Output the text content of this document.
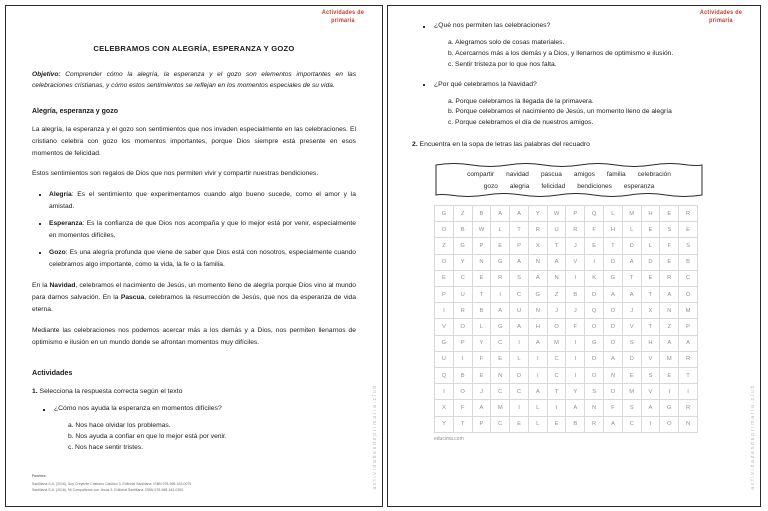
Actividades de
primaria
CELEBRAMOS CON ALEGRÍA, ESPERANZA Y GOZO

Objetivo: Comprender cómo la alegría, la esperanza y el gozo son elementos importantes en las celebraciones cristianas, y cómo estos sentimientos se reflejan en los momentos especiales de su vida.

Alegría, esperanza y gozo

La alegría, la esperanza y el gozo son sentimientos que nos invaden especialmente en las celebraciones. El cristiano celebra con gozo los momentos importantes, porque Dios siempre está presente en esos momentos de felicidad.

Estos sentimientos son regalos de Dios que nos permiten vivir y compartir nuestras bendiciones.

Alegría: Es el sentimiento que experimentamos cuando algo bueno sucede, como el amor y la amistad.
Esperanza: Es la confianza de que Dios nos acompaña y que lo mejor está por venir, especialmente en momentos difíciles.
Gozo: Es una alegría profunda que viene de saber que Dios está con nosotros, especialmente cuando celebramos algo importante, como la vida, la fe o la familia.

En la Navidad, celebramos el nacimiento de Jesús, un momento lleno de alegría porque Dios vino al mundo para darnos salvación. En la Pascua, celebramos la resurrección de Jesús, que nos da esperanza de vida eterna.

Mediante las celebraciones nos podemos acercar más a los demás y a Dios, nos permiten llenarnos de optimismo e ilusión en un mundo donde se afrontan momentos muy difíciles.

Actividades

1. Selecciona la respuesta correcta según el texto

¿Cómo nos ayuda la esperanza en momentos difíciles?
a. Nos hace olvidar los problemas.
b. Nos ayuda a confiar en que lo mejor está por venir.
c. Nos hace sentir tristes.
Fuentes:
Santillana S.A. (2016), Soy Creyente Cristiano Católico 3. Editorial Santillana. ISBN 978-968-163-0075
Santillana S.A. (2016), Mi Compañeros con Jesús 3. Editorial Santillana. ISBN 978-968-163-0355
actividadesdeprimaria.club
Actividades de
primaria
¿Qué nos permiten las celebraciones?
a. Alegramos solo de cosas materiales.
b. Acercarnos más a los demás y a Dios, y llenarnos de optimismo e ilusión.
c. Sentir tristeza por lo que nos falta.
¿Por qué celebramos la Navidad?
a. Porque celebramos la llegada de la primavera.
b. Porque celebramos el nacimiento de Jesús, un momento lleno de alegría
c. Porque celebramos el día de nuestros amigos.

2. Encuentra en la sopa de letras las palabras del recuadro

compartir navidad pascua amigos familia celebración
gozo alegria felicidad bendiciones esperanza
G	Z	B	A	A	Y	W	P	Q	L	M	H	E	R
O	B	W	L	T	R	U	R	F	H	L	E	S	E
Z	G	P	E	P	X	T	J	E	T	D	L	F	S
O	Y	N	G	A	N	A	V	I	D	A	D	E	B
E	C	E	R	S	A	N	I	K	G	T	E	R	C
P	U	T	I	C	G	Z	B	D	A	A	T	A	O
I	R	B	A	U	N	J	J	Q	O	J	X	N	M
V	O	L	G	A	H	O	F	O	D	V	T	Z	P
G	P	Y	C	I	A	M	I	G	O	S	H	A	A
U	I	F	E	L	I	C	I	D	A	D	V	M	R
Q	B	E	N	D	I	C	I	O	N	E	S	E	T
I	O	J	C	C	A	T	Y	S	O	M	V	I	I
X	F	A	M	I	L	I	A	N	F	S	A	G	R
Y	T	P	C	E	L	E	B	R	A	C	I	O	N
educima.com	actividadesdeprimaria.club
